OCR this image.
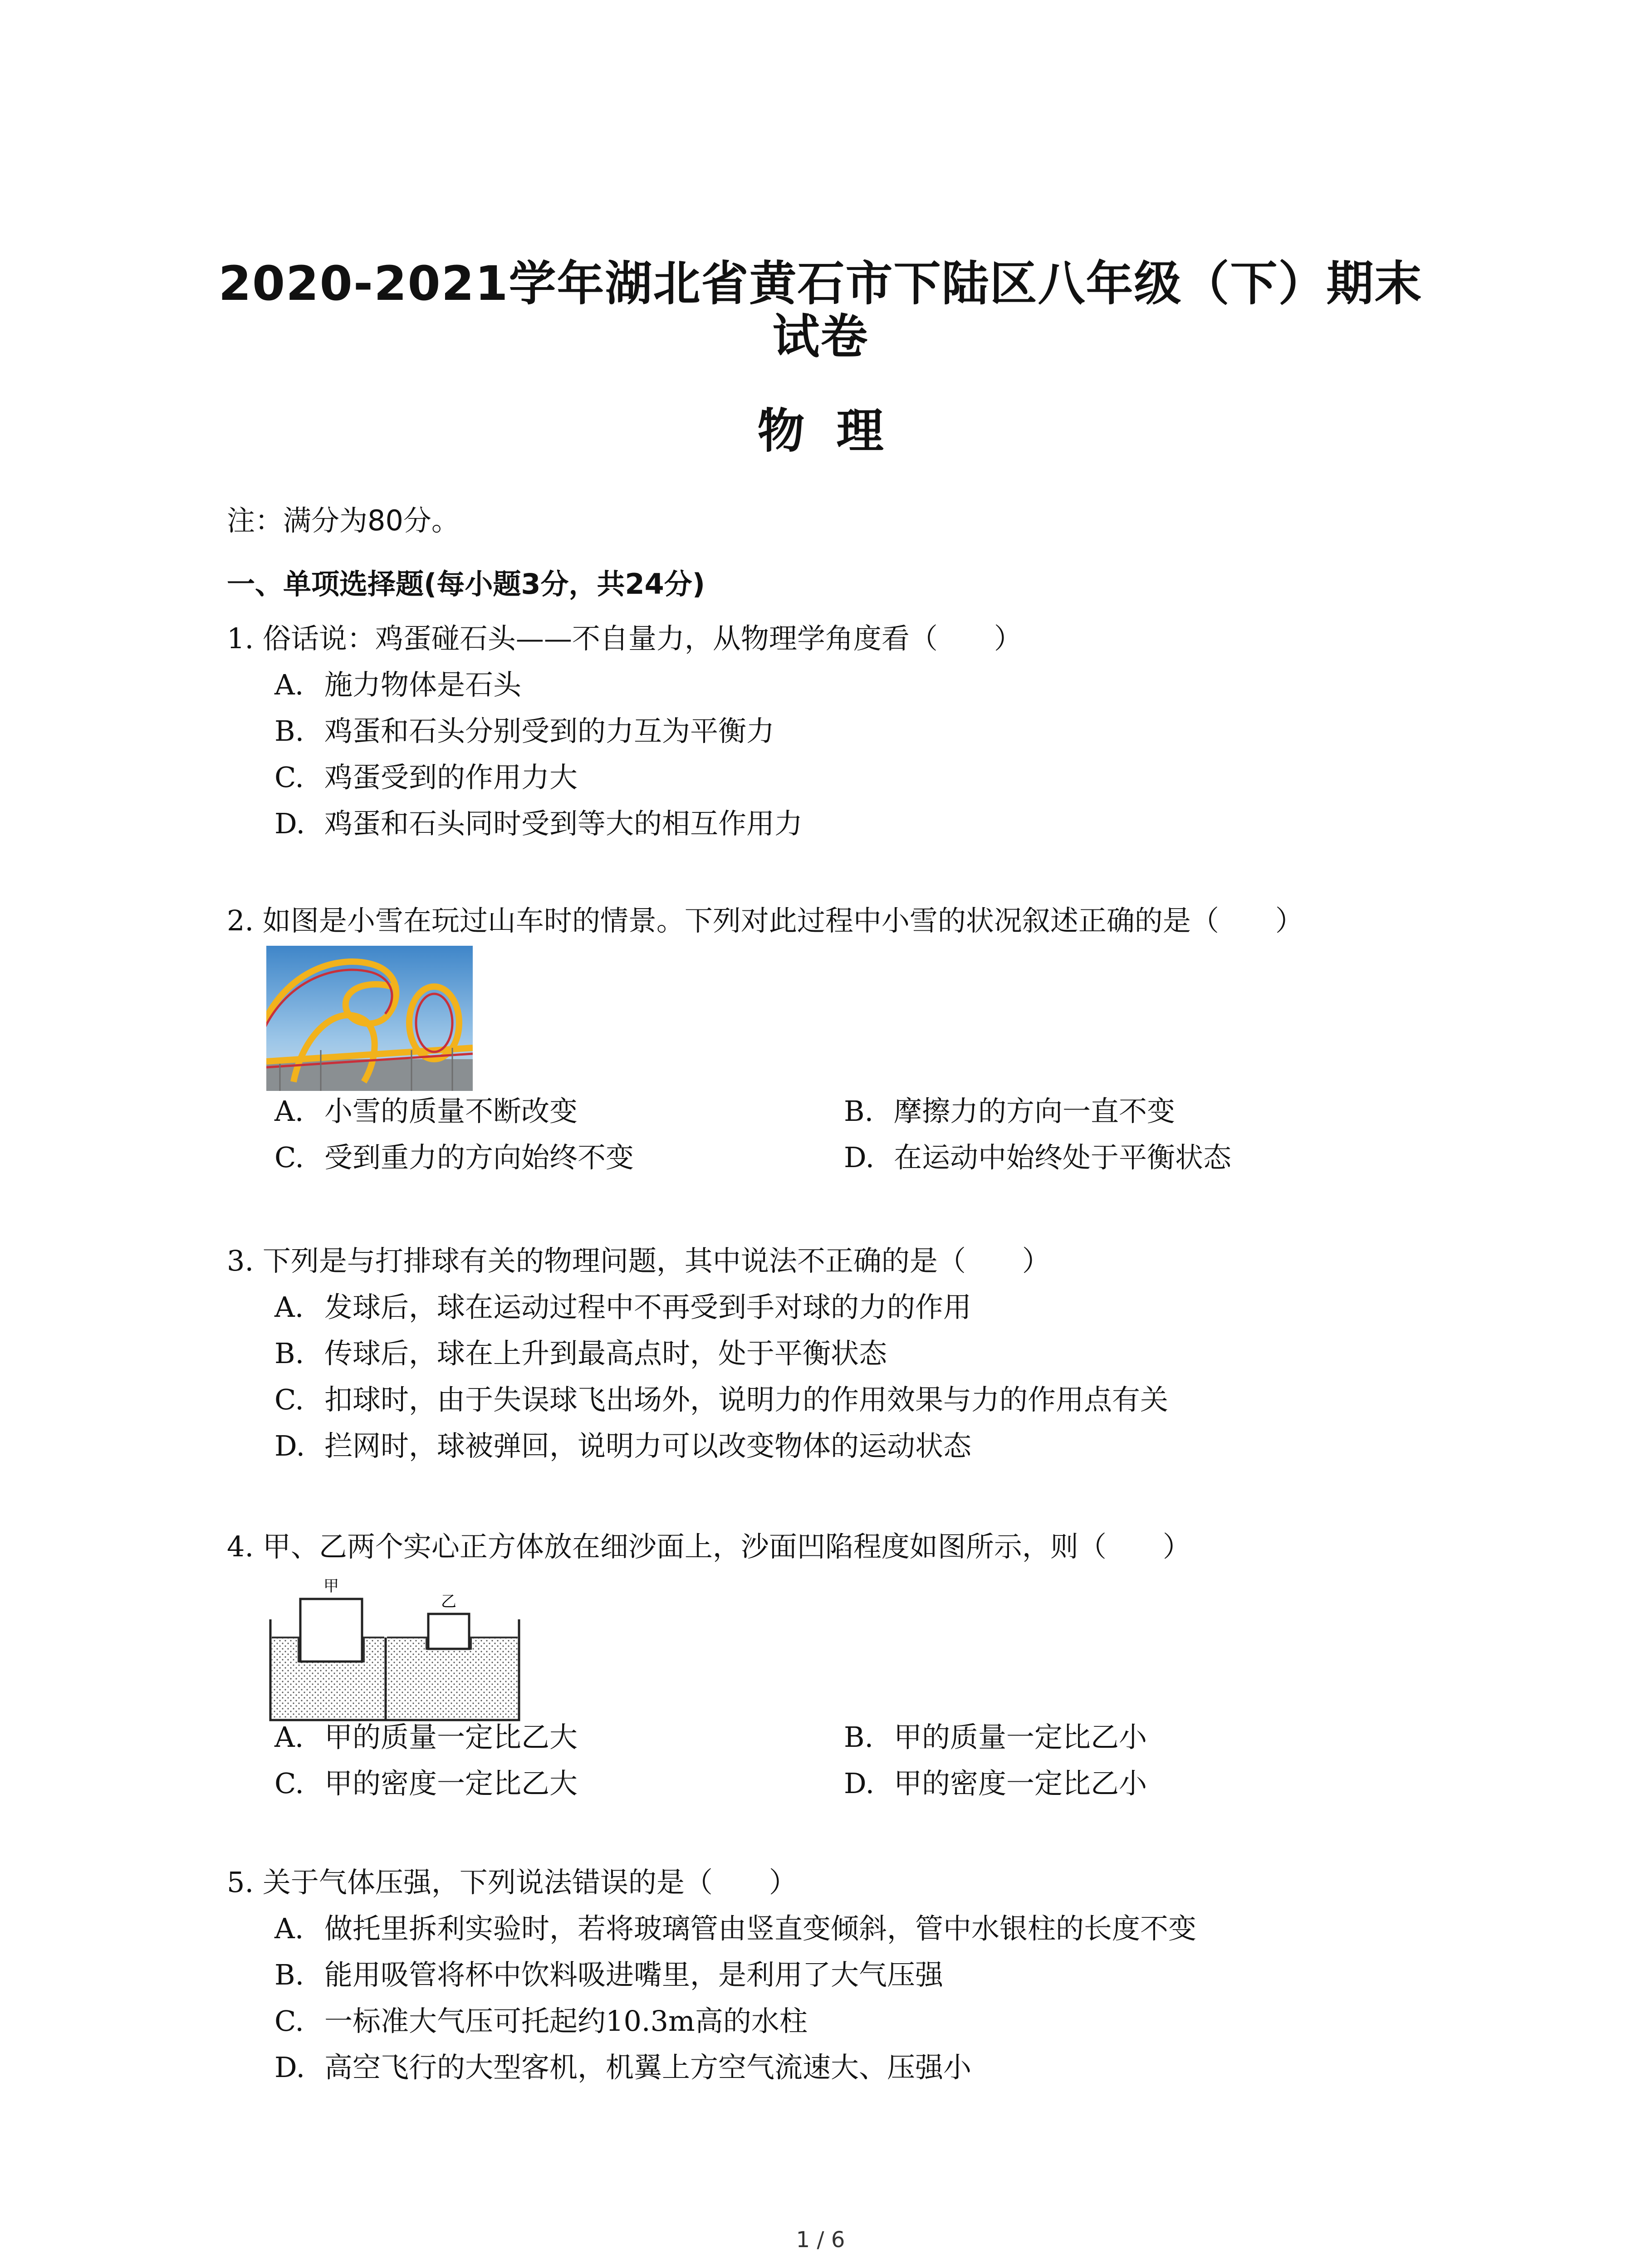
2020-2021学年湖北省黄石市下陆区八年级（下）期末
试卷
物理
注：满分为80分。
一、单项选择题(每小题3分，共24分)
1. 俗话说：鸡蛋碰石头——不自量力，从物理学角度看（　　）
A. 施力物体是石头
B. 鸡蛋和石头分别受到的力互为平衡力
C. 鸡蛋受到的作用力大
D. 鸡蛋和石头同时受到等大的相互作用力
2. 如图是小雪在玩过山车时的情景。下列对此过程中小雪的状况叙述正确的是（　　）
A. 小雪的质量不断改变	B. 摩擦力的方向一直不变
C. 受到重力的方向始终不变	D. 在运动中始终处于平衡状态
3. 下列是与打排球有关的物理问题，其中说法不正确的是（　　）
A. 发球后，球在运动过程中不再受到手对球的力的作用
B. 传球后，球在上升到最高点时，处于平衡状态
C. 扣球时，由于失误球飞出场外，说明力的作用效果与力的作用点有关
D. 拦网时，球被弹回，说明力可以改变物体的运动状态
4. 甲、乙两个实心正方体放在细沙面上，沙面凹陷程度如图所示，则（　　）
甲
乙
A. 甲的质量一定比乙大	B. 甲的质量一定比乙小
C. 甲的密度一定比乙大	D. 甲的密度一定比乙小
5. 关于气体压强，下列说法错误的是（　　）
A. 做托里拆利实验时，若将玻璃管由竖直变倾斜，管中水银柱的长度不变
B. 能用吸管将杯中饮料吸进嘴里，是利用了大气压强
C. 一标准大气压可托起约10.3m高的水柱
D. 高空飞行的大型客机，机翼上方空气流速大、压强小
1 / 6
